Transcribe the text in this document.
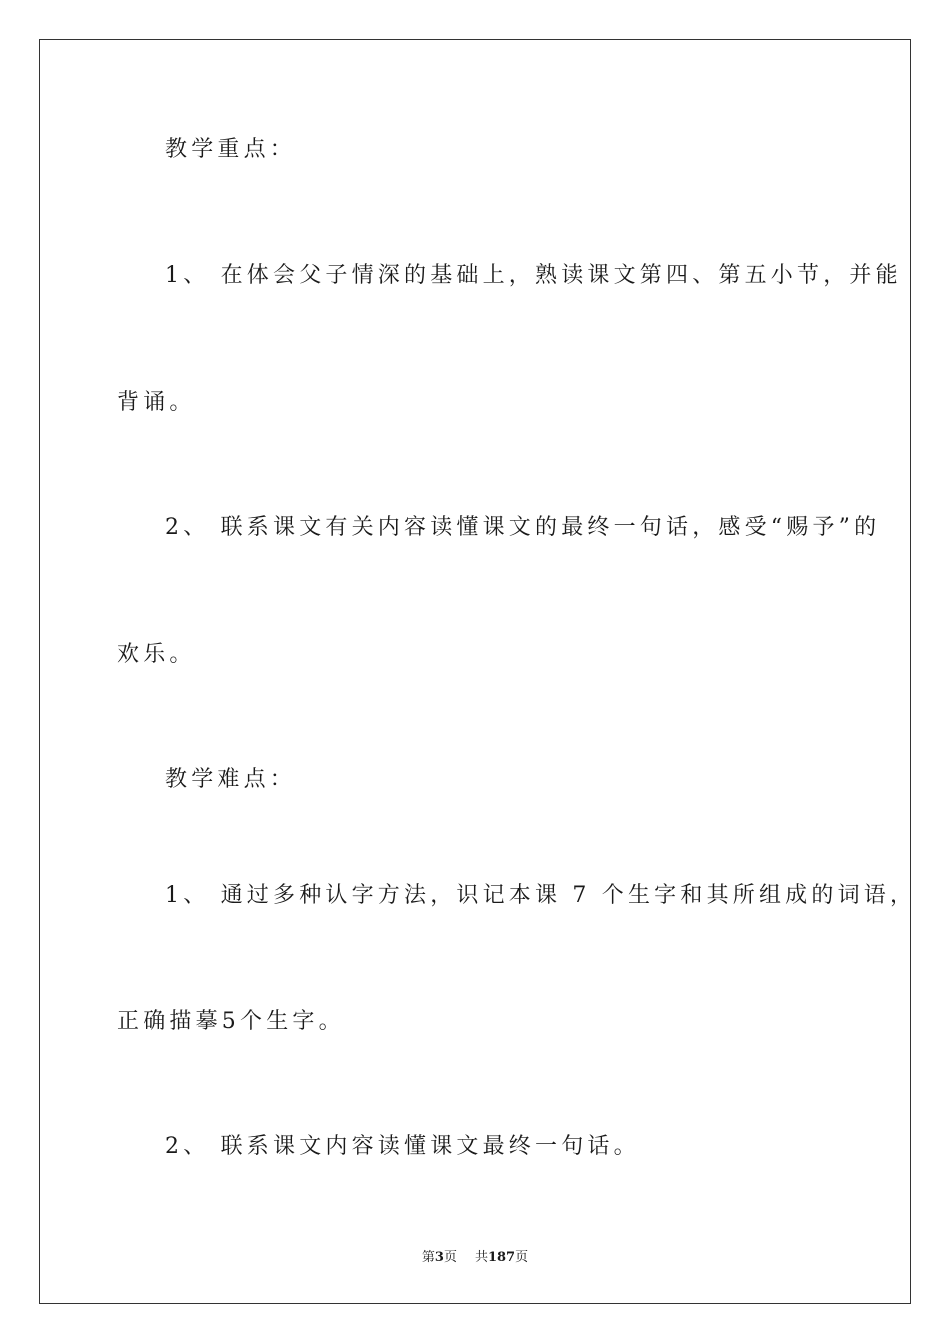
教学重点：
1、 在体会父子情深的基础上，熟读课文第四、第五小节，并能
背诵。
2、 联系课文有关内容读懂课文的最终一句话，感受“赐予”的
欢乐。
教学难点：
1、 通过多种认字方法，识记本课 7 个生字和其所组成的词语，
正确描摹5个生字。
2、 联系课文内容读懂课文最终一句话。
第3页 共187页
